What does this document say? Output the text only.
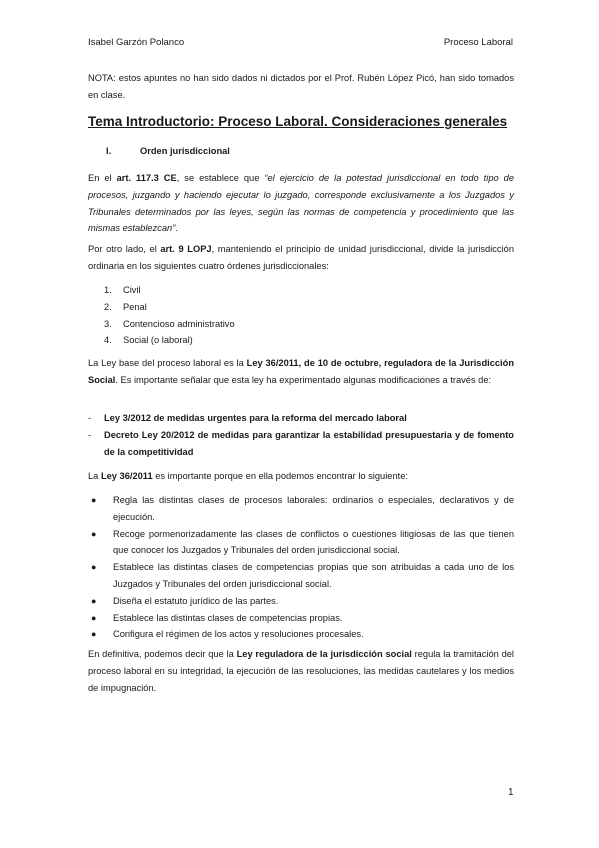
Isabel Garzón Polanco	Proceso Laboral

NOTA: estos apuntes no han sido dados ni dictados por el Prof. Rubén López Picó, han sido tomados en clase.

Tema Introductorio: Proceso Laboral. Consideraciones generales
I.	Orden jurisdiccional

En el art. 117.3 CE, se establece que “el ejercicio de la potestad jurisdiccional en todo tipo de procesos, juzgando y haciendo ejecutar lo juzgado, corresponde exclusivamente a los Juzgados y Tribunales determinados por las leyes, según las normas de competencia y procedimiento que las mismas establezcan”.

Por otro lado, el art. 9 LOPJ, manteniendo el principio de unidad jurisdiccional, divide la jurisdicción ordinaria en los siguientes cuatro órdenes jurisdiccionales:

1. Civil
2. Penal
3. Contencioso administrativo
4. Social (o laboral)

La Ley base del proceso laboral es la Ley 36/2011, de 10 de octubre, reguladora de la Jurisdicción Social. Es importante señalar que esta ley ha experimentado algunas modificaciones a través de:

- Ley 3/2012 de medidas urgentes para la reforma del mercado laboral
- Decreto Ley 20/2012 de medidas para garantizar la estabilidad presupuestaria y de fomento de la competitividad

La Ley 36/2011 es importante porque en ella podemos encontrar lo siguiente:

● Regla las distintas clases de procesos laborales: ordinarios o especiales, declarativos y de ejecución.
● Recoge pormenorizadamente las clases de conflictos o cuestiones litigiosas de las que tienen que conocer los Juzgados y Tribunales del orden jurisdiccional social.
● Establece las distintas clases de competencias propias que son atribuidas a cada uno de los Juzgados y Tribunales del orden jurisdiccional social.
● Diseña el estatuto jurídico de las partes.
● Establece las distintas clases de competencias propias.
● Configura el régimen de los actos y resoluciones procesales.

En definitiva, podemos decir que la Ley reguladora de la jurisdicción social regula la tramitación del proceso laboral en su integridad, la ejecución de las resoluciones, las medidas cautelares y los medios de impugnación.

1
